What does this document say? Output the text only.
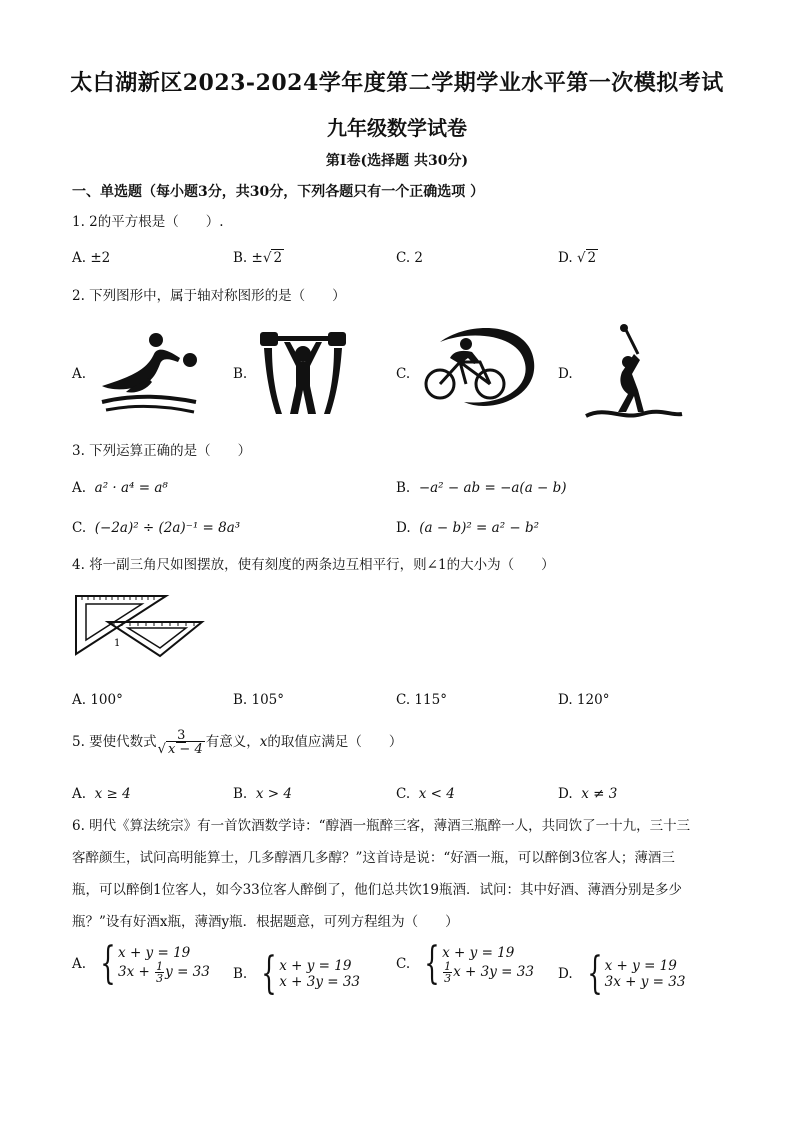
太白湖新区2023-2024学年度第二学期学业水平第一次模拟考试
九年级数学试卷
第Ⅰ卷(选择题 共30分)
一、单选题（每小题3分，共30分，下列各题只有一个正确选项 ）
1. 2的平方根是（　　）.
A. ±2	B. ±√ 2	C. 2	D. √ 2
2. 下列图形中，属于轴对称图形的是（　　）
A.	B.	C.	D.
3. 下列运算正确的是（　　）
A. a² · a⁴ = a⁸	B. −a² − ab = −a(a − b)
C. (−2a)² ÷ (2a)⁻¹ = 8a³	D. (a − b)² = a² − b²
4. 将一副三角尺如图摆放，使有刻度的两条边互相平行，则∠1的大小为（　　）
1
A. 100°	B. 105°	C. 115°	D. 120°
5. 要使代数式 $\frac{3}{√ x - 4}$ 有意义， x 的取值应满足（　　）
A. x ≥ 4	B. x > 4	C. x < 4	D. x ≠ 3
6. 明代《算法统宗》有一首饮酒数学诗：“醇酒一瓶醉三客，薄酒三瓶醉一人，共同饮了一十九，三十三
客醉颜生，试问高明能算士，几多醇酒几多醇？”这首诗是说：“好酒一瓶，可以醉倒3位客人；薄酒三
瓶，可以醉倒1位客人，如今33位客人醉倒了，他们总共饮19瓶酒．试问：其中好酒、薄酒分别是多少
瓶？”设有好酒x瓶，薄酒y瓶．根据题意，可列方程组为（　　）
A. { x + y = 19
$3x + \frac{1}{3}$ y = 33 B. { x + y = 19
x + 3y = 33
C. { x + y = 19
$\frac{1}{3}$ x + 3y = 33 D. { x + y = 19
3x + y = 33
